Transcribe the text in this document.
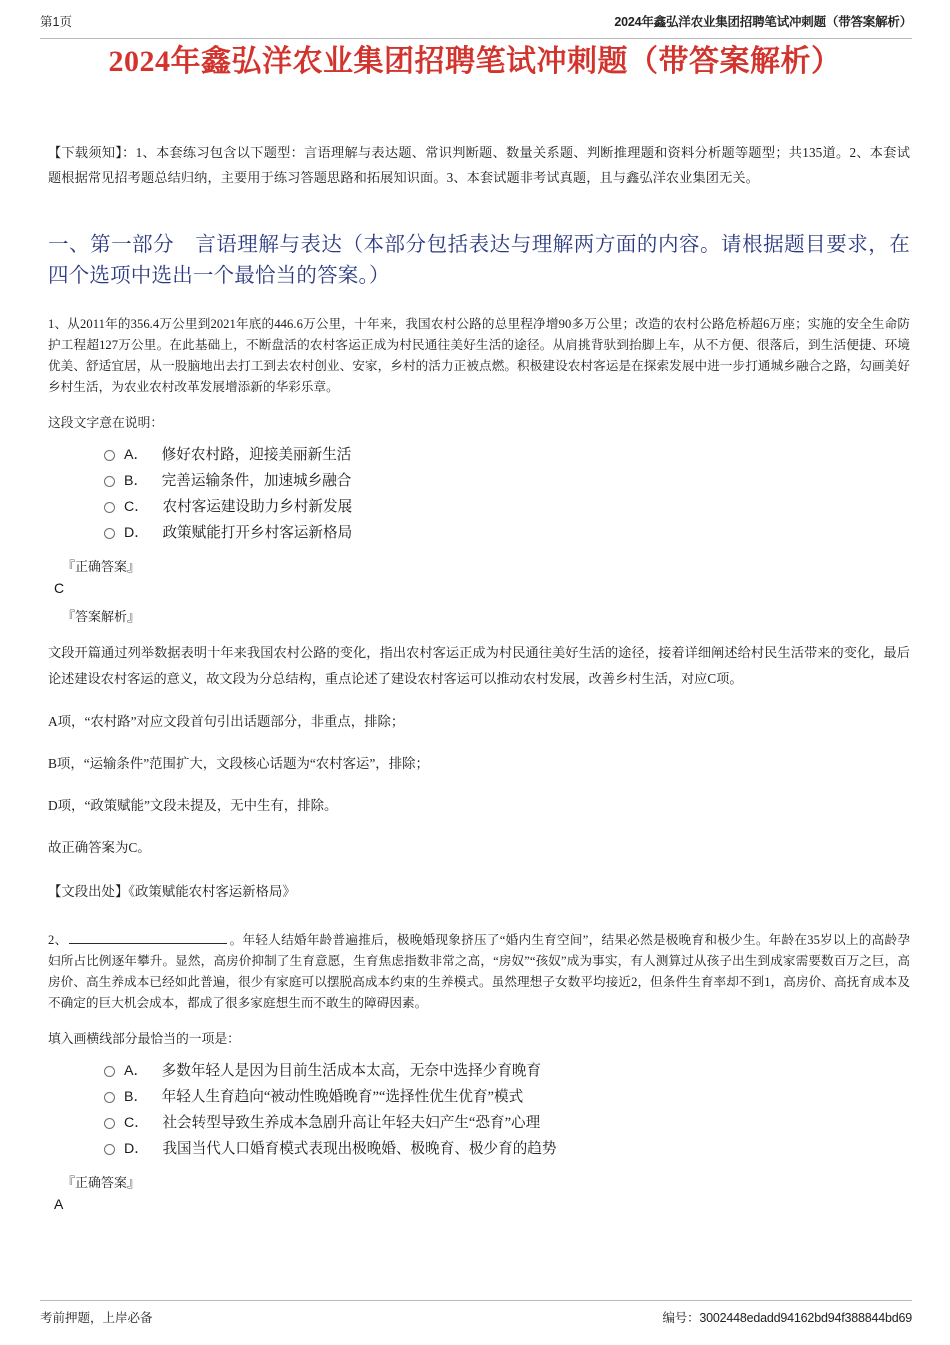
第1页	2024年鑫弘洋农业集团招聘笔试冲刺题（带答案解析）
2024年鑫弘洋农业集团招聘笔试冲刺题（带答案解析）

【下载须知】：1、本套练习包含以下题型：言语理解与表达题、常识判断题、数量关系题、判断推理题和资料分析题等题型；共135道。2、本套试题根据常见招考题总结归纳，主要用于练习答题思路和拓展知识面。3、本套试题非考试真题，且与鑫弘洋农业集团无关。

一、第一部分　言语理解与表达（本部分包括表达与理解两方面的内容。请根据题目要求，在四个选项中选出一个最恰当的答案。）

1、从2011年的356.4万公里到2021年底的446.6万公里，十年来，我国农村公路的总里程净增90多万公里；改造的农村公路危桥超6万座；实施的安全生命防护工程超127万公里。在此基础上，不断盘活的农村客运正成为村民通往美好生活的途径。从肩挑背驮到抬脚上车，从不方便、很落后，到生活便捷、环境优美、舒适宜居，从一股脑地出去打工到去农村创业、安家，乡村的活力正被点燃。积极建设农村客运是在探索发展中进一步打通城乡融合之路，勾画美好乡村生活，为农业农村改革发展增添新的华彩乐章。

这段文字意在说明：

A． 修好农村路，迎接美丽新生活
B． 完善运输条件，加速城乡融合
C． 农村客运建设助力乡村新发展
D． 政策赋能打开乡村客运新格局

『正确答案』

C

『答案解析』

文段开篇通过列举数据表明十年来我国农村公路的变化，指出农村客运正成为村民通往美好生活的途径，接着详细阐述给村民生活带来的变化，最后论述建设农村客运的意义，故文段为分总结构，重点论述了建设农村客运可以推动农村发展，改善乡村生活，对应C项。

A项，“农村路”对应文段首句引出话题部分，非重点，排除；

B项，“运输条件”范围扩大，文段核心话题为“农村客运”，排除；

D项，“政策赋能”文段未提及，无中生有，排除。

故正确答案为C。

【文段出处】《政策赋能农村客运新格局》

2、	。年轻人结婚年龄普遍推后，极晚婚现象挤压了“婚内生育空间”，结果必然是极晚育和极少生。年龄在35岁以上的高龄孕妇所占比例逐年攀升。显然，高房价抑制了生育意愿，生育焦虑指数非常之高，“房奴”“孩奴”成为事实，有人测算过从孩子出生到成家需要数百万之巨，高房价、高生养成本已经如此普遍，很少有家庭可以摆脱高成本约束的生养模式。虽然理想子女数平均接近2，但条件生育率却不到1，高房价、高抚育成本及不确定的巨大机会成本，都成了很多家庭想生而不敢生的障碍因素。

填入画横线部分最恰当的一项是：

A． 多数年轻人是因为目前生活成本太高，无奈中选择少育晚育
B． 年轻人生育趋向“被动性晚婚晚育”“选择性优生优育”模式
C． 社会转型导致生养成本急剧升高让年轻夫妇产生“恐育”心理
D． 我国当代人口婚育模式表现出极晚婚、极晚育、极少育的趋势

『正确答案』

A

考前押题，上岸必备	编号：3002448edadd94162bd94f388844bd69
